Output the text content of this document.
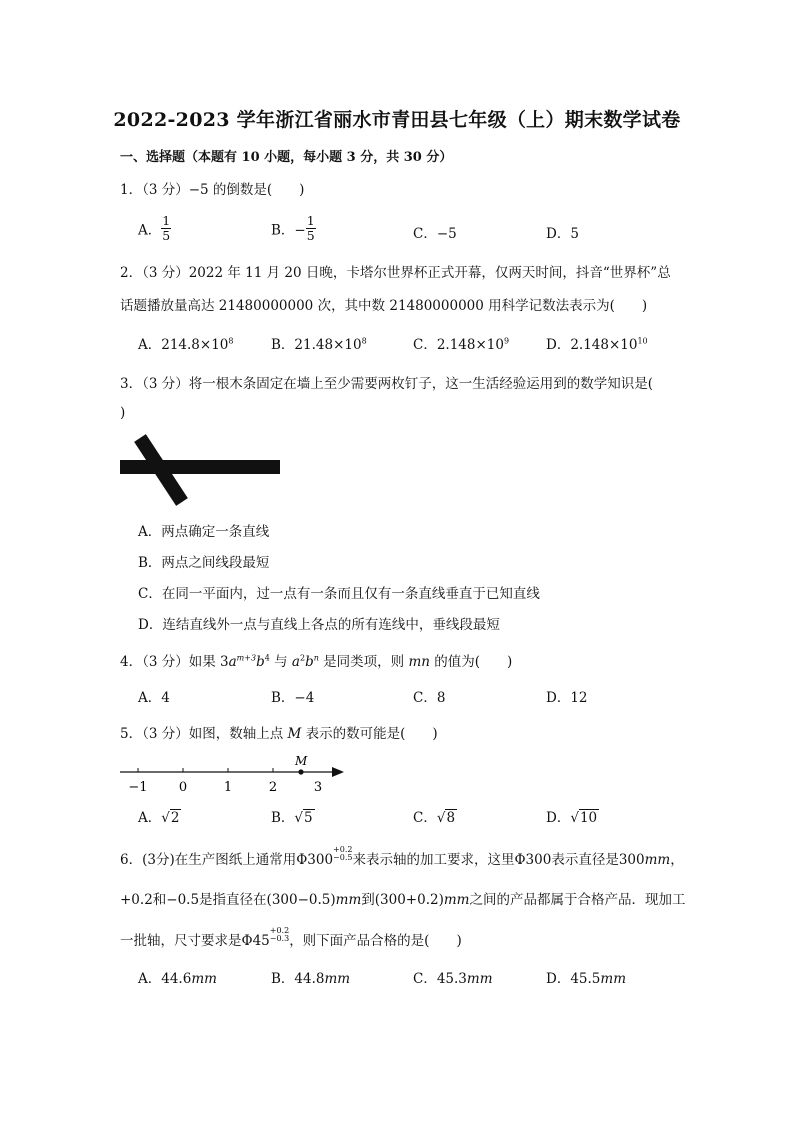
2022-2023 学年浙江省丽水市青田县七年级（上）期末数学试卷
一、选择题（本题有 10 小题，每小题 3 分，共 30 分）
1．（3 分）−5 的倒数是(　　)
A． $\frac{1}{5}$	B．− $\frac{1}{5}$	C．−5	D．5
2．（3 分）2022 年 11 月 20 日晚，卡塔尔世界杯正式开幕，仅两天时间，抖音“世界杯”总
话题播放量高达 21480000000 次，其中数 21480000000 用科学记数法表示为(　　)
A．$214.8\times 10^8$	B．$21.48\times 10^8$	C．$2.148\times 10^9$	D．$2.148\times 10^{10}$
3．（3 分）将一根木条固定在墙上至少需要两枚钉子，这一生活经验运用到的数学知识是(
)
A．两点确定一条直线
B．两点之间线段最短
C．在同一平面内，过一点有一条而且仅有一条直线垂直于已知直线
D．连结直线外一点与直线上各点的所有连线中，垂线段最短
4．（3 分）如果 $3a^{m+3}b^4$ 与 $a^2b^n$ 是同类项，则 mn 的值为(　　)
A．4	B．−4	C．8	D．12
5．（3 分）如图，数轴上点 M 表示的数可能是(　　)
−1 0	1	2	3
M
A．√2	B．√5	C．√8	D．√10
6．(3分)在生产图纸上通常用Φ300
+0.2
−0.5 来表示轴的加工要求，这里Φ300表示直径是300mm，
+0.2和−0.5是指直径在(300−0.5)mm到(300+0.2)mm之间的产品都属于合格产品．现加工
一批轴，尺寸要求是Φ45
+0.2
−0.3 ，则下面产品合格的是(　　)
A．44.6mm	B．44.8mm	C．45.3mm	D．45.5mm
